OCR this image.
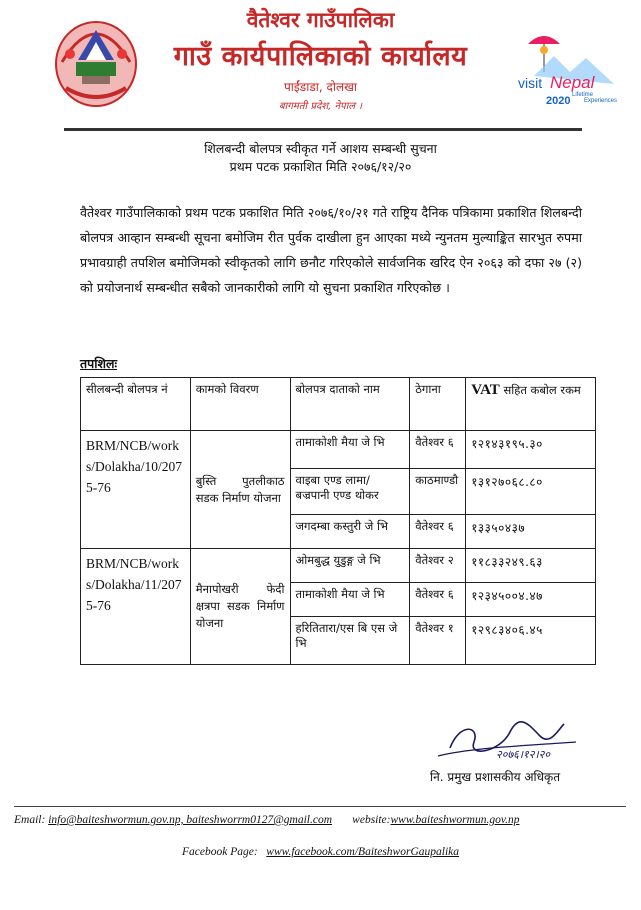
वैतेश्वर गाउँपालिका
गाउँ कार्यपालिकाको कार्यालय
पाईंडाडा, दोलखा
बागमती प्रदेश, नेपाल ।
visit Nepal
Lifetime
Experiences
2020
शिलबन्दी बोलपत्र स्वीकृत गर्ने आशय सम्बन्धी सुचना
प्रथम पटक प्रकाशित मिति २०७६/१२/२०
वैतेश्वर गाउँपालिकाको प्रथम पटक प्रकाशित मिति २०७६/१०/२१ गते राष्ट्रिय दैनिक पत्रिकामा प्रकाशित शिलबन्दी बोलपत्र आव्हान सम्बन्धी सूचना बमोजिम रीत पुर्वक दाखीला हुन आएका मध्ये न्युनतम मुल्याङ्कित सारभुत रुपमा प्रभावग्राही तपशिल बमोजिमको स्वीकृतको लागि छनौट गरिएकोले सार्वजनिक खरिद ऐन २०६३ को दफा २७ (२) को प्रयोजनार्थ सम्बन्धीत सबैको जानकारीको लागि यो सुचना प्रकाशित गरिएकोछ ।
तपशिलः
सीलबन्दी बोलपत्र नं	कामको विवरण	बोलपत्र दाताको नाम	ठेगाना	VAT सहित कबोल रकम
BRM/NCB/works/Dolakha/10/2075-76	बुस्ति पुतलीकाठ सडक निर्माण योजना	तामाकोशी मैया जे भि	वैतेश्वर ६	१२१४३१९५.३०
		वाइबा एण्ड लामा/ बज्रपानी एण्ड थोकर	काठमाण्डौ	१३१२७०६८.८०
		जगदम्बा कस्तुरी जे भि	वैतेश्वर ६	१३३५०४३७
BRM/NCB/works/Dolakha/11/2075-76	मैनापोखरी फेदी क्षत्रपा सडक निर्माण योजना	ओमबुद्ध युडुङ्ग जे भि	वैतेश्वर २	११८३३२४९.६३
		तामाकोशी मैया जे भि	वैतेश्वर ६	१२३४५००४.४७
		हरितितारा/एस बि एस जे भि	वैतेश्वर १	१२९८३४०६.४५
२०७६।१२।२०
नि. प्रमुख प्रशासकीय अधिकृत
Email: info@baiteshwormun.gov.np, baiteshworrm0127@gmail.com website:www.baiteshwormun.gov.np
Facebook Page: www.facebook.com/BaiteshworGaupalika
